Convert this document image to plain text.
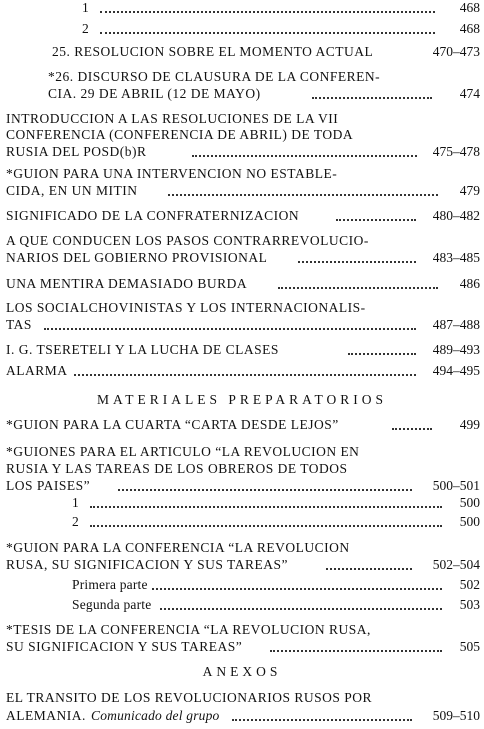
1	468
2	468
25. RESOLUCION SOBRE EL MOMENTO ACTUAL	470–473
*26. DISCURSO DE CLAUSURA DE LA CONFEREN-
CIA. 29 DE ABRIL (12 DE MAYO)	474
INTRODUCCION A LAS RESOLUCIONES DE LA VII
CONFERENCIA (CONFERENCIA DE ABRIL) DE TODA
RUSIA DEL POSD(b)R	475–478
*GUION PARA UNA INTERVENCION NO ESTABLE-
CIDA, EN UN MITIN	479
SIGNIFICADO DE LA CONFRATERNIZACION	480–482
A QUE CONDUCEN LOS PASOS CONTRARREVOLUCIO-
NARIOS DEL GOBIERNO PROVISIONAL	483–485
UNA MENTIRA DEMASIADO BURDA	486
LOS SOCIALCHOVINISTAS Y LOS INTERNACIONALIS-
TAS	487–488
I. G. TSERETELI Y LA LUCHA DE CLASES	489–493
ALARMA	494–495
MATERIALES PREPARATORIOS
*GUION PARA LA CUARTA “CARTA DESDE LEJOS”	499
*GUIONES PARA EL ARTICULO “LA REVOLUCION EN
RUSIA Y LAS TAREAS DE LOS OBREROS DE TODOS
LOS PAISES”	500–501
1	500
2	500
*GUION PARA LA CONFERENCIA “LA REVOLUCION
RUSA, SU SIGNIFICACION Y SUS TAREAS”	502–504
Primera parte	502
Segunda parte	503
*TESIS DE LA CONFERENCIA “LA REVOLUCION RUSA,
SU SIGNIFICACION Y SUS TAREAS”	505
ANEXOS
EL TRANSITO DE LOS REVOLUCIONARIOS RUSOS POR
ALEMANIA. Comunicado del grupo	509–510
